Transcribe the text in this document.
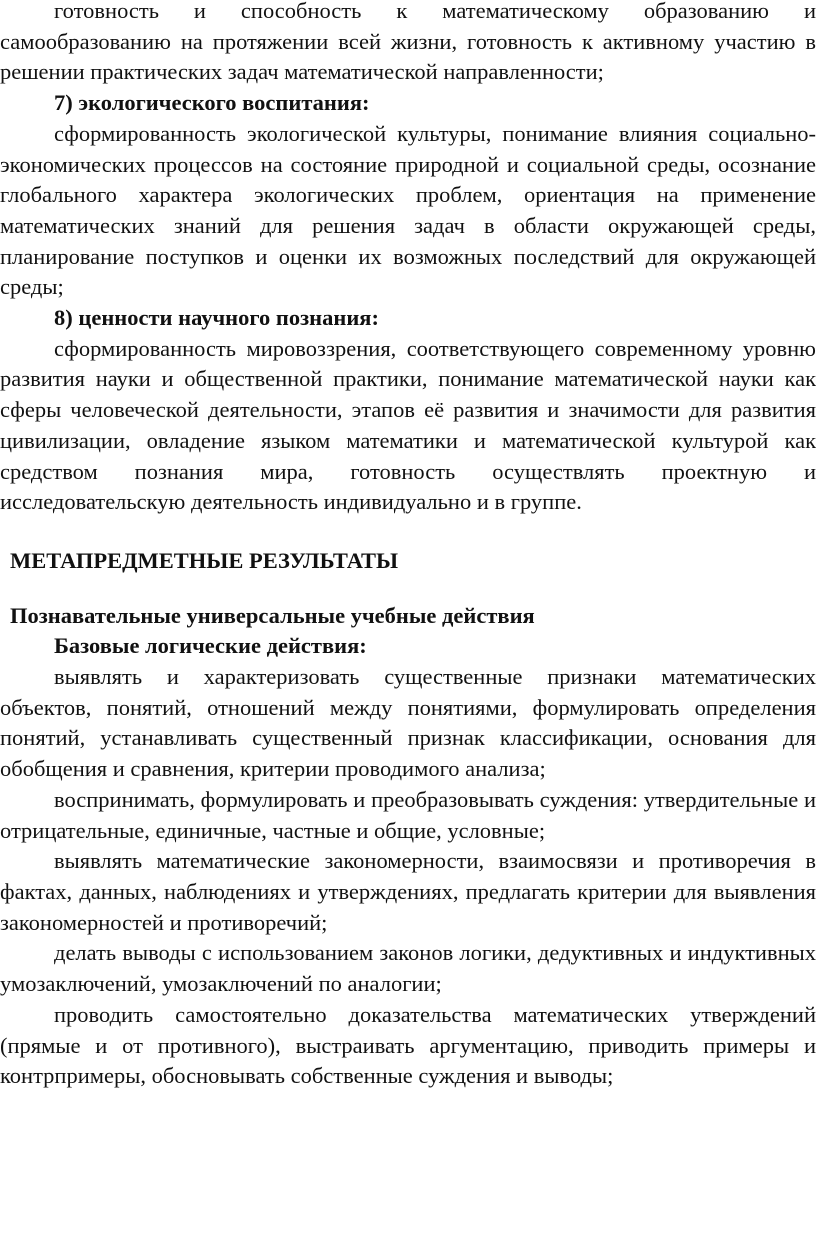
готовность и способность к математическому образованию и самообразованию на протяжении всей жизни, готовность к активному участию в решении практических задач математической направленности;

7) экологического воспитания:

сформированность экологической культуры, понимание влияния социально-экономических процессов на состояние природной и социальной среды, осознание глобального характера экологических проблем, ориентация на применение математических знаний для решения задач в области окружающей среды, планирование поступков и оценки их возможных последствий для окружающей среды;

8) ценности научного познания:

сформированность мировоззрения, соответствующего современному уровню развития науки и общественной практики, понимание математической науки как сферы человеческой деятельности, этапов её развития и значимости для развития цивилизации, овладение языком математики и математической культурой как средством познания мира, готовность осуществлять проектную и исследовательскую деятельность индивидуально и в группе.

МЕТАПРЕДМЕТНЫЕ РЕЗУЛЬТАТЫ

Познавательные универсальные учебные действия

Базовые логические действия:

выявлять и характеризовать существенные признаки математических объектов, понятий, отношений между понятиями, формулировать определения понятий, устанавливать существенный признак классификации, основания для обобщения и сравнения, критерии проводимого анализа;

воспринимать, формулировать и преобразовывать суждения: утвердительные и отрицательные, единичные, частные и общие, условные;

выявлять математические закономерности, взаимосвязи и противоречия в фактах, данных, наблюдениях и утверждениях, предлагать критерии для выявления закономерностей и противоречий;

делать выводы с использованием законов логики, дедуктивных и индуктивных умозаключений, умозаключений по аналогии;

проводить самостоятельно доказательства математических утверждений (прямые и от противного), выстраивать аргументацию, приводить примеры и контрпримеры, обосновывать собственные суждения и выводы;
